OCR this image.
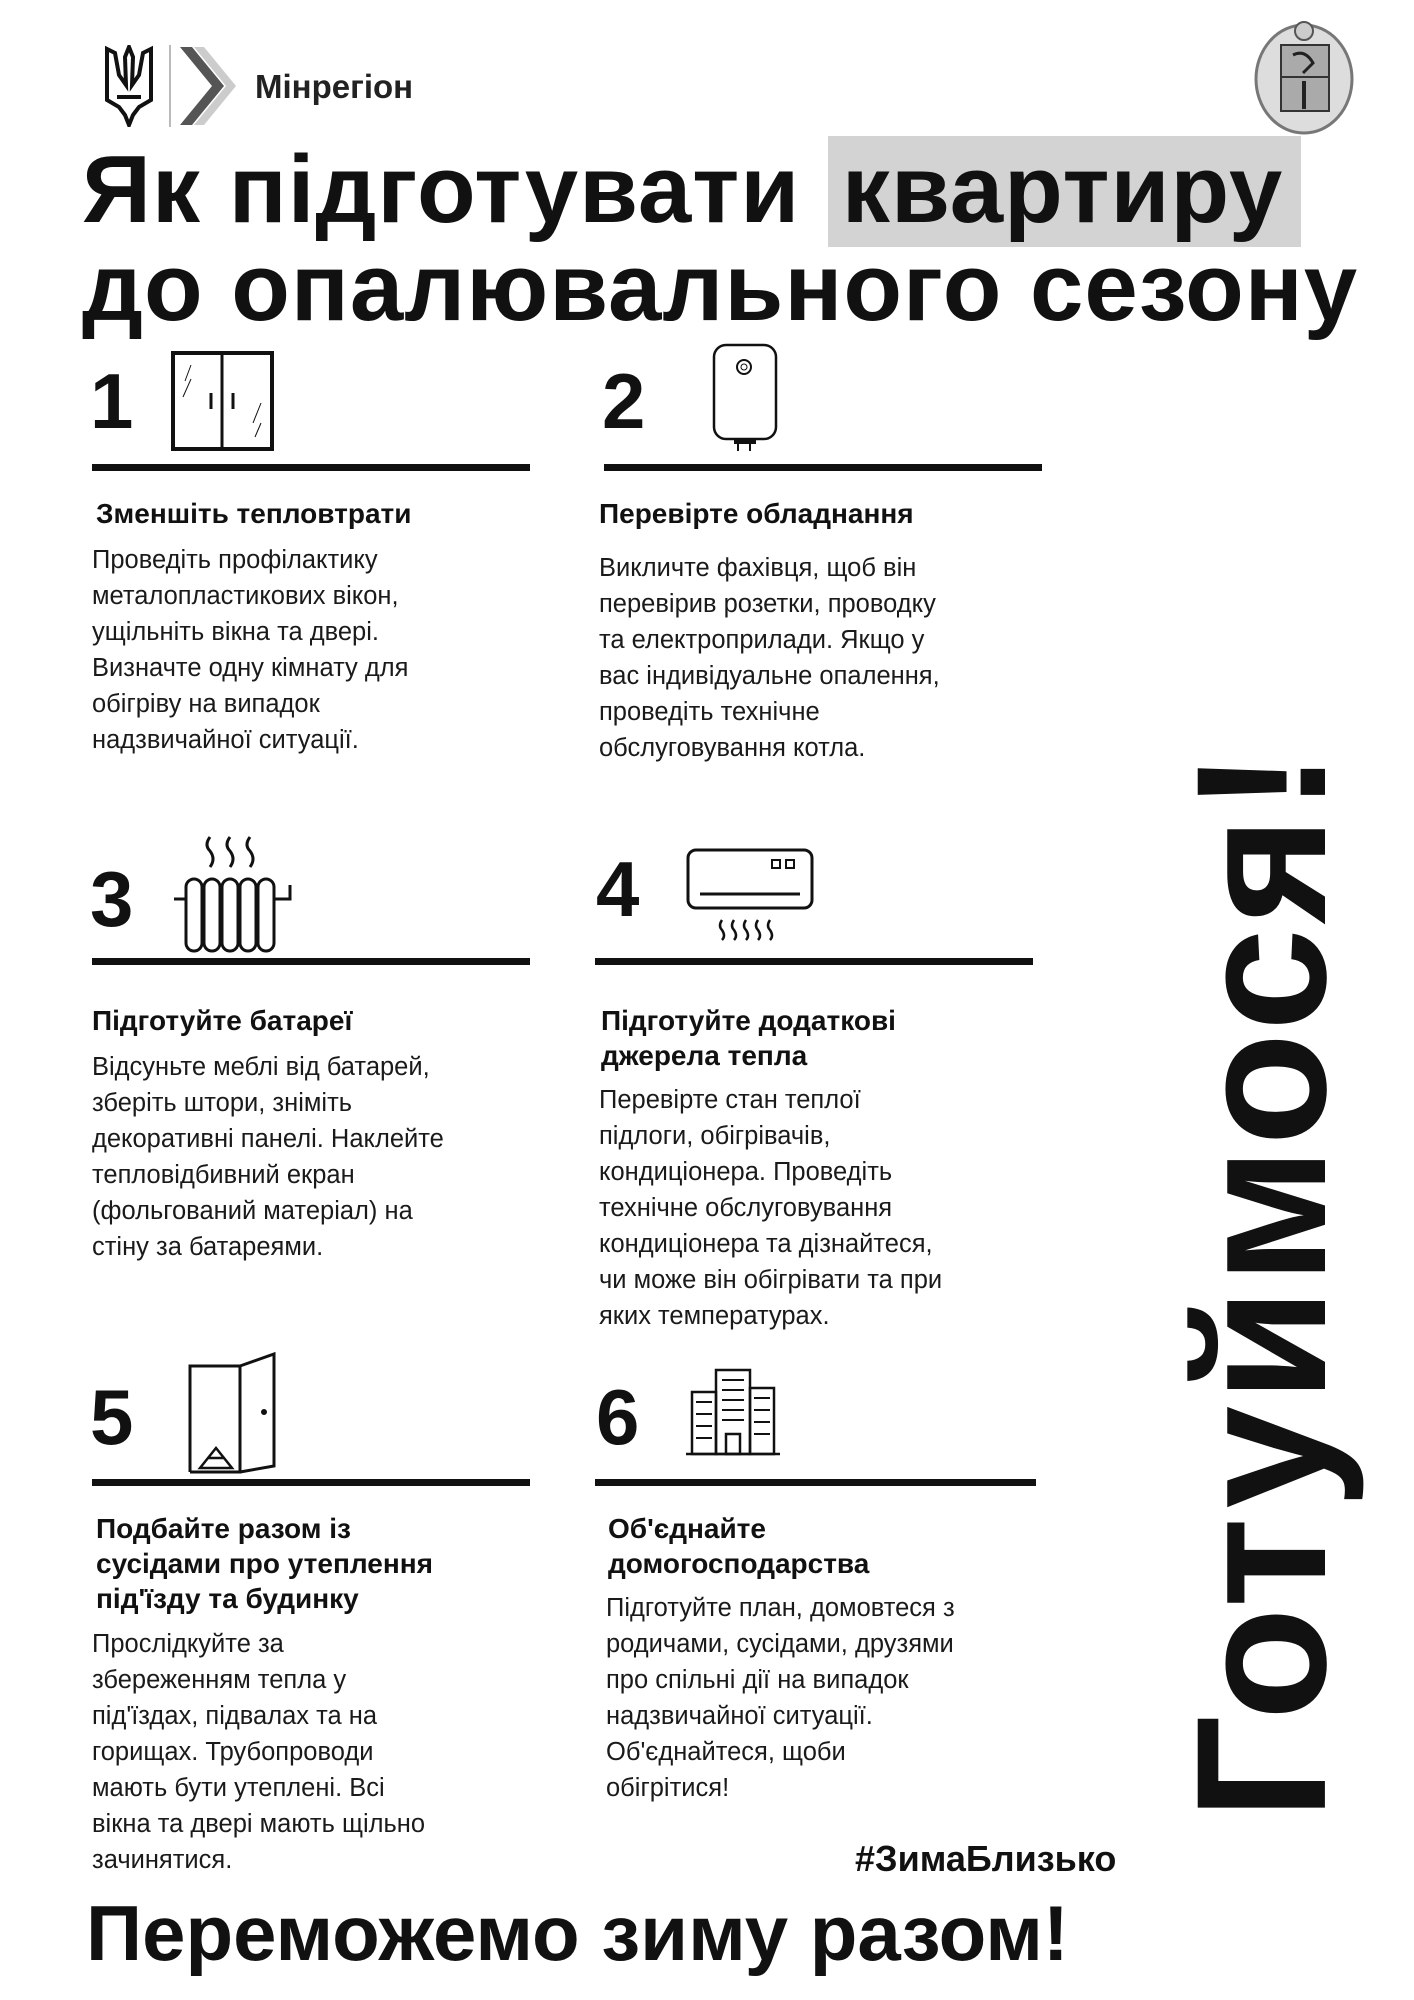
Мінрегіон
Як підготувати квартиру
до опалювального сезону
1
Зменшіть тепловтрати
Проведіть профілактику
металопластикових вікон,
ущільніть вікна та двері.
Визначте одну кімнату для
обігріву на випадок
надзвичайної ситуації.
2
Перевірте обладнання
Викличте фахівця, щоб він
перевірив розетки, проводку
та електроприлади. Якщо у
вас індивідуальне опалення,
проведіть технічне
обслуговування котла.
3
Підготуйте батареї
Відсуньте меблі від батарей,
зберіть штори, зніміть
декоративні панелі. Наклейте
тепловідбивний екран
(фольгований матеріал) на
стіну за батареями.
4
Підготуйте додаткові
джерела тепла
Перевірте стан теплої
підлоги, обігрівачів,
кондиціонера. Проведіть
технічне обслуговування
кондиціонера та дізнайтеся,
чи може він обігрівати та при
яких температурах.
5
Подбайте разом із
сусідами про утеплення
під'їзду та будинку
Прослідкуйте за
збереженням тепла у
під'їздах, підвалах та на
горищах. Трубопроводи
мають бути утеплені. Всі
вікна та двері мають щільно
зачинятися.
6
Об'єднайте
домогосподарства
Підготуйте план, домовтеся з
родичами, сусідами, друзями
про спільні дії на випадок
надзвичайної ситуації.
Об'єднайтеся, щоби
обігрітися!	Готуймося!
#ЗимаБлизько
Переможемо зиму разом!
